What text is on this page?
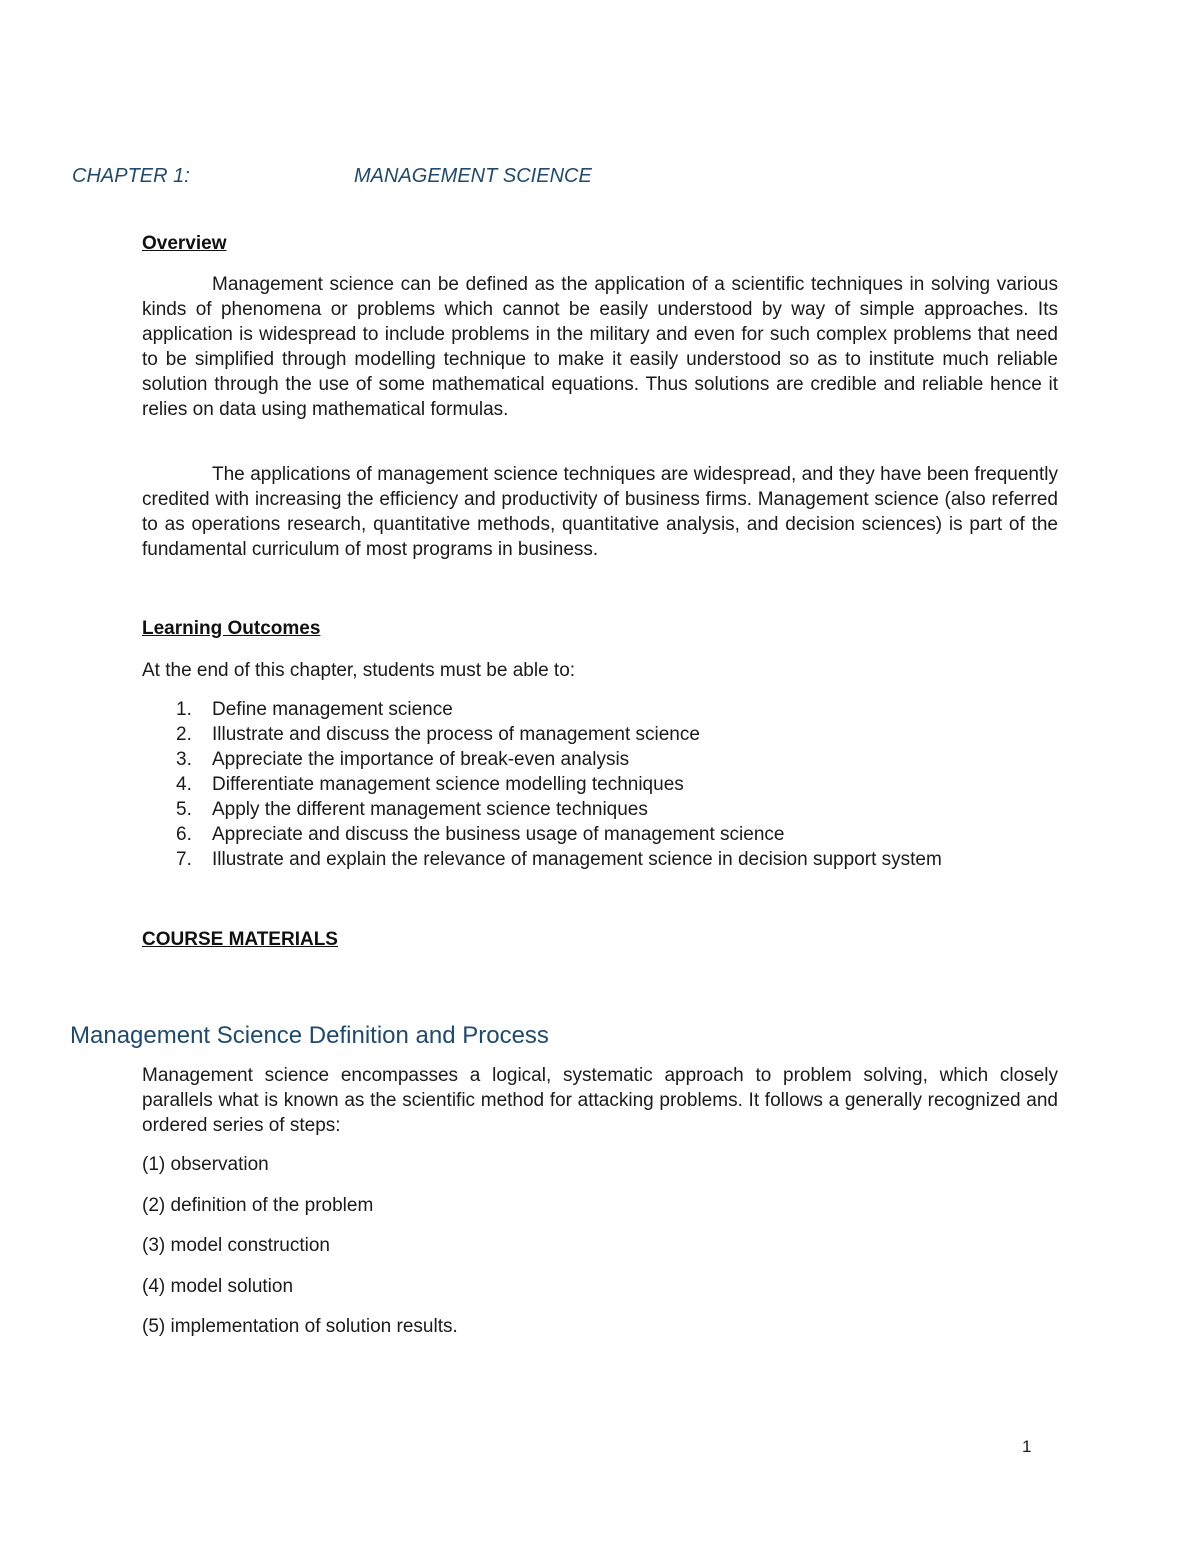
CHAPTER 1:	MANAGEMENT SCIENCE
Overview

Management science can be defined as the application of a scientific techniques in solving various kinds of phenomena or problems which cannot be easily understood by way of simple approaches. Its application is widespread to include problems in the military and even for such complex problems that need to be simplified through modelling technique to make it easily understood so as to institute much reliable solution through the use of some mathematical equations. Thus solutions are credible and reliable hence it relies on data using mathematical formulas.

The applications of management science techniques are widespread, and they have been frequently credited with increasing the efficiency and productivity of business firms. Management science (also referred to as operations research, quantitative methods, quantitative analysis, and decision sciences) is part of the fundamental curriculum of most programs in business.

Learning Outcomes

At the end of this chapter, students must be able to:

1. Define management science
2. Illustrate and discuss the process of management science
3. Appreciate the importance of break-even analysis
4. Differentiate management science modelling techniques
5. Apply the different management science techniques
6. Appreciate and discuss the business usage of management science
7. Illustrate and explain the relevance of management science in decision support system
COURSE MATERIALS
Management Science Definition and Process

Management science encompasses a logical, systematic approach to problem solving, which closely parallels what is known as the scientific method for attacking problems. It follows a generally recognized and ordered series of steps:

(1) observation
(2) definition of the problem
(3) model construction
(4) model solution
(5) implementation of solution results.
1
